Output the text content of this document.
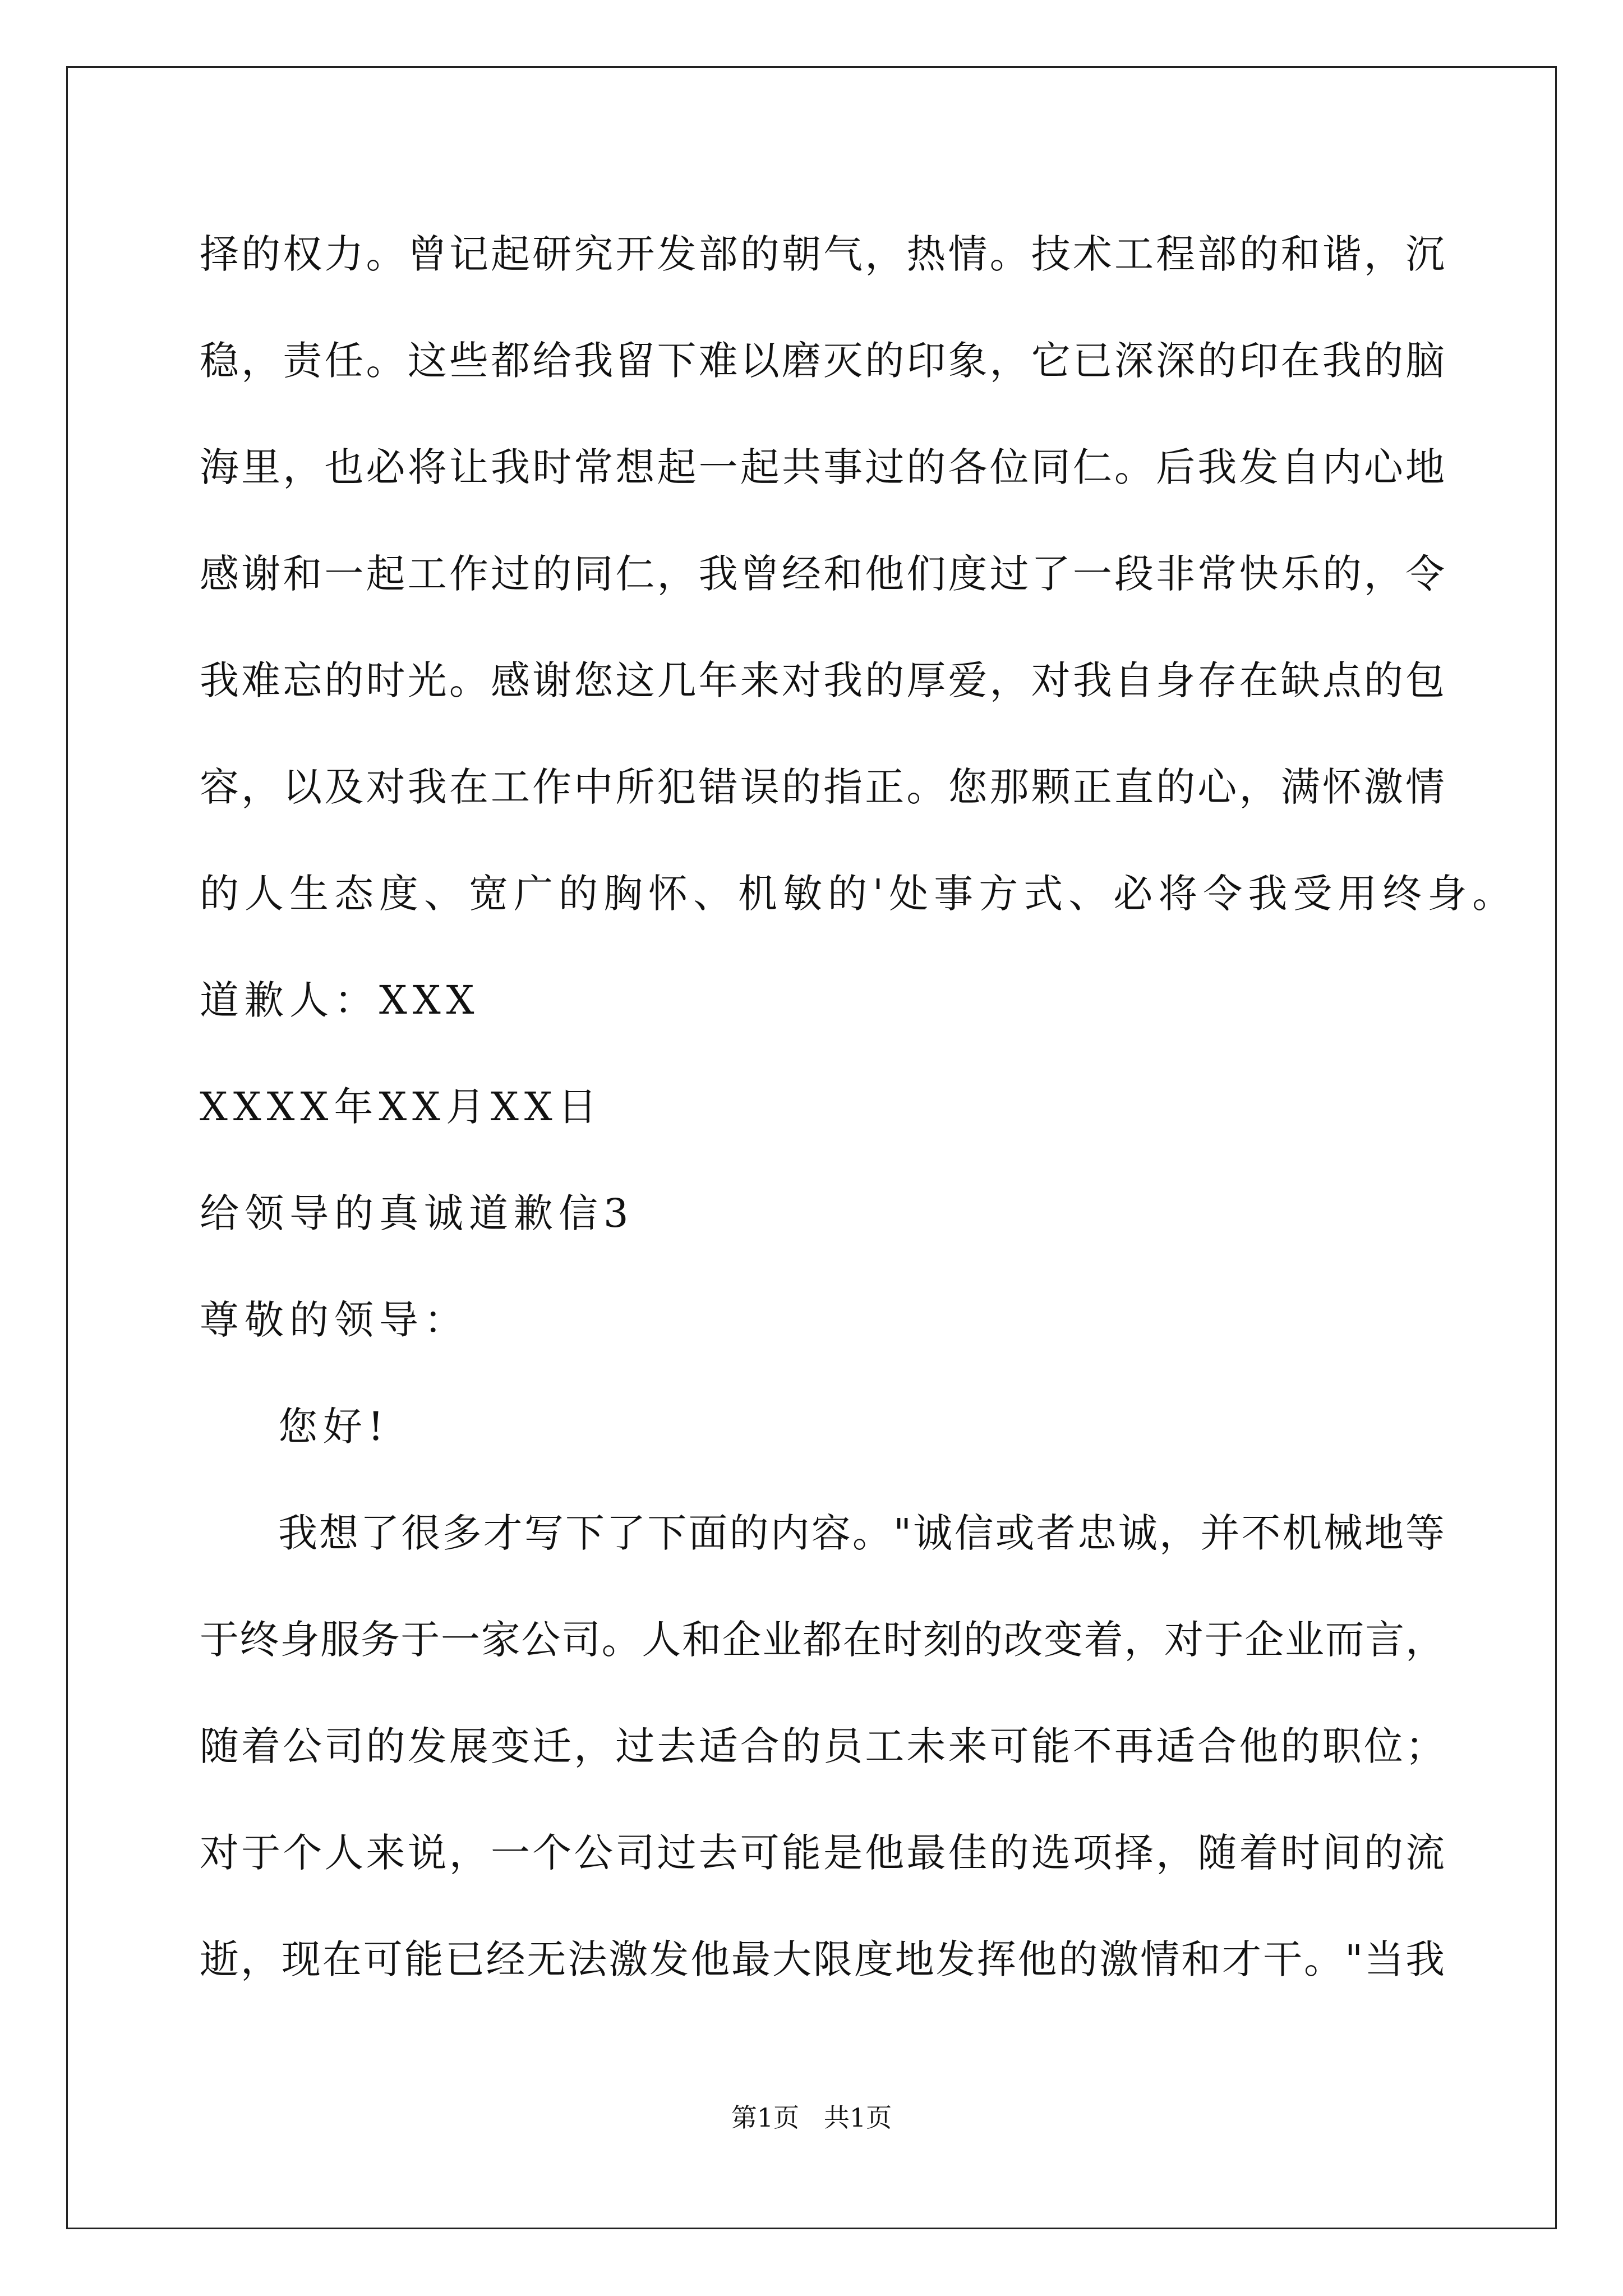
择的权力。曾记起研究开发部的朝气，热情。技术工程部的和谐，沉
稳，责任。这些都给我留下难以磨灭的印象，它已深深的印在我的脑
海里，也必将让我时常想起一起共事过的各位同仁。后我发自内心地
感谢和一起工作过的同仁，我曾经和他们度过了一段非常快乐的，令
我难忘的时光。感谢您这几年来对我的厚爱，对我自身存在缺点的包
容，以及对我在工作中所犯错误的指正。您那颗正直的心，满怀激情
的人生态度、宽广的胸怀、机敏的'处事方式、必将令我受用终身。
道歉人：XXX
XXXX年XX月XX日
给领导的真诚道歉信3
尊敬的领导：
您好!
我想了很多才写下了下面的内容。"诚信或者忠诚，并不机械地等
于终身服务于一家公司。人和企业都在时刻的改变着，对于企业而言，
随着公司的发展变迁，过去适合的员工未来可能不再适合他的职位；
对于个人来说，一个公司过去可能是他最佳的选项择，随着时间的流
逝，现在可能已经无法激发他最大限度地发挥他的激情和才干。"当我
第1页   共1页
